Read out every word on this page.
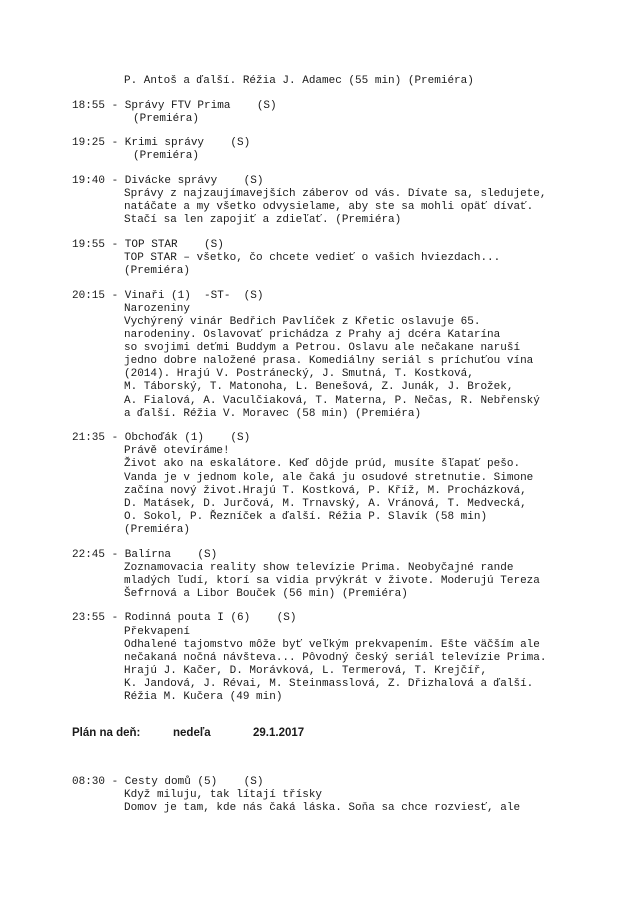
P. Antoš a ďalší. Réžia J. Adamec (55 min) (Premiéra)
18:55 - Správy FTV Prima    (S)
(Premiéra)
19:25 - Krimi správy    (S)
(Premiéra)
19:40 - Divácke správy    (S)
Správy z najzaujímavejších záberov od vás. Dívate sa, sledujete,
natáčate a my všetko odvysielame, aby ste sa mohli opäť dívať.
Stačí sa len zapojiť a zdieľať. (Premiéra)
19:55 - TOP STAR    (S)
TOP STAR – všetko, čo chcete vedieť o vašich hviezdach...
(Premiéra)
20:15 - Vinaři (1)  -ST-  (S)
Narozeniny
Vychýrený vinár Bedřich Pavlíček z Křetic oslavuje 65.
narodeniny. Oslavovať prichádza z Prahy aj dcéra Katarína
so svojimi deťmi Buddym a Petrou. Oslavu ale nečakane naruší
jedno dobre naložené prasa. Komediálny seriál s príchuťou vína
(2014). Hrajú V. Postránecký, J. Smutná, T. Kostková,
M. Táborský, T. Matonoha, L. Benešová, Z. Junák, J. Brožek,
A. Fialová, A. Vaculčiaková, T. Materna, P. Nečas, R. Nebřenský
a ďalší. Réžia V. Moravec (58 min) (Premiéra)
21:35 - Obchoďák (1)    (S)
Právě otevíráme!
Život ako na eskalátore. Keď dôjde prúd, musíte šľapať pešo.
Vanda je v jednom kole, ale čaká ju osudové stretnutie. Simone
začína nový život.Hrajú T. Kostková, P. Kříž, M. Procházková,
D. Matásek, D. Jurčová, M. Trnavský, A. Vránová, T. Medvecká,
O. Sokol, P. Řezníček a ďalší. Réžia P. Slavík (58 min)
(Premiéra)
22:45 - Balírna    (S)
Zoznamovacia reality show televízie Prima. Neobyčajné rande
mladých ľudí, ktorí sa vidia prvýkrát v živote. Moderujú Tereza
Šefrnová a Libor Bouček (56 min) (Premiéra)
23:55 - Rodinná pouta I (6)    (S)
Překvapení
Odhalené tajomstvo môže byť veľkým prekvapením. Ešte väčším ale
nečakaná nočná návšteva... Pôvodný český seriál televízie Prima.
Hrajú J. Kačer, D. Morávková, L. Termerová, T. Krejčíř,
K. Jandová, J. Révai, M. Steinmasslová, Z. Dřizhalová a ďalší.
Réžia M. Kučera (49 min)
Plán na deň:	nedeľa	29.1.2017
08:30 - Cesty domů (5)    (S)
Když miluju, tak lítají třísky
Domov je tam, kde nás čaká láska. Soňa sa chce rozviesť, ale
